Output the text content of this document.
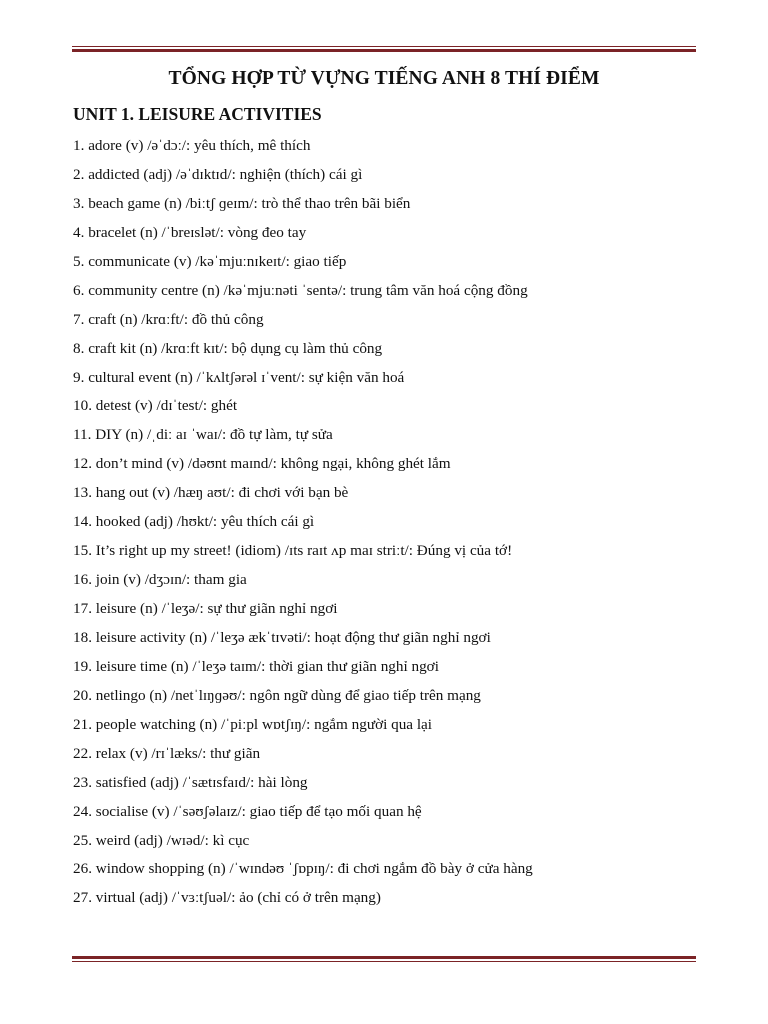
TỔNG HỢP TỪ VỰNG TIẾNG ANH 8 THÍ ĐIỂM
UNIT 1. LEISURE ACTIVITIES
1. adore (v) /əˈdɔː/: yêu thích, mê thích
2. addicted (adj) /əˈdɪktɪd/: nghiện (thích) cái gì
3. beach game (n) /biːtʃ ɡeɪm/: trò thể thao trên bãi biển
4. bracelet (n) /ˈbreɪslət/: vòng đeo tay
5. communicate (v) /kəˈmjuːnɪkeɪt/: giao tiếp
6. community centre (n) /kəˈmjuːnəti ˈsentə/: trung tâm văn hoá cộng đồng
7. craft (n) /krɑːft/: đồ thủ công
8. craft kit (n) /krɑːft kɪt/: bộ dụng cụ làm thủ công
9. cultural event (n) /ˈkʌltʃərəl ɪˈvent/: sự kiện văn hoá
10. detest (v) /dɪˈtest/: ghét
11. DIY (n) /ˌdiː aɪ ˈwaɪ/: đồ tự làm, tự sửa
12. don’t mind (v) /dəʊnt maɪnd/: không ngại, không ghét lắm
13. hang out (v) /hæŋ aʊt/: đi chơi với bạn bè
14. hooked (adj) /hʊkt/: yêu thích cái gì
15. It’s right up my street! (idiom) /ɪts raɪt ʌp maɪ striːt/: Đúng vị của tớ!
16. join (v) /dʒɔɪn/: tham gia
17. leisure (n) /ˈleʒə/: sự thư giãn nghỉ ngơi
18. leisure activity (n) /ˈleʒə ækˈtɪvəti/: hoạt động thư giãn nghỉ ngơi
19. leisure time (n) /ˈleʒə taɪm/: thời gian thư giãn nghỉ ngơi
20. netlingo (n) /netˈlɪŋɡəʊ/: ngôn ngữ dùng để giao tiếp trên mạng
21. people watching (n) /ˈpiːpl wɒtʃɪŋ/: ngắm người qua lại
22. relax (v) /rɪˈlæks/: thư giãn
23. satisfied (adj) /ˈsætɪsfaɪd/: hài lòng
24. socialise (v) /ˈsəʊʃəlaɪz/: giao tiếp để tạo mối quan hệ
25. weird (adj) /wɪəd/: kì cục
26. window shopping (n) /ˈwɪndəʊ ˈʃɒpɪŋ/: đi chơi ngắm đồ bày ở cửa hàng
27. virtual (adj) /ˈvɜːtʃuəl/: ảo (chỉ có ở trên mạng)
